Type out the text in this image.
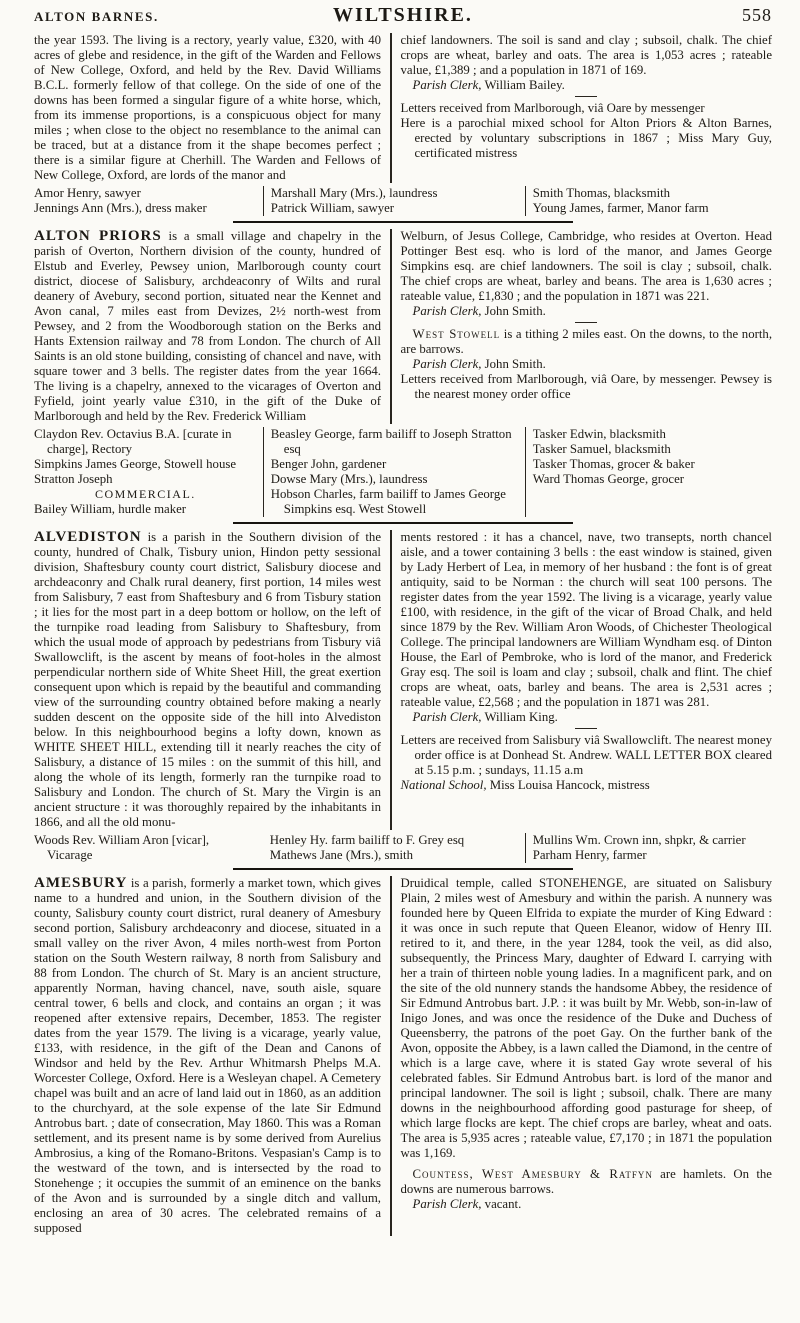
ALTON BARNES.	WILTSHIRE.	558

the year 1593. The living is a rectory, yearly value, £320, with 40 acres of glebe and residence, in the gift of the Warden and Fellows of New College, Oxford, and held by the Rev. David Williams B.C.L. formerly fellow of that college. On the side of one of the downs has been formed a singular figure of a white horse, which, from its immense proportions, is a conspicuous object for many miles ; when close to the object no resemblance to the animal can be traced, but at a distance from it the shape becomes perfect ; there is a similar figure at Cherhill. The Warden and Fellows of New College, Oxford, are lords of the manor and

chief landowners. The soil is sand and clay ; subsoil, chalk. The chief crops are wheat, barley and oats. The area is 1,053 acres ; rateable value, £1,389 ; and a population in 1871 of 169.

Parish Clerk, William Bailey.

Letters received from Marlborough, viâ Oare by messenger

Here is a parochial mixed school for Alton Priors & Alton Barnes, erected by voluntary subscriptions in 1867 ; Miss Mary Guy, certificated mistress

Amor Henry, sawyer
Jennings Ann (Mrs.), dress maker
Marshall Mary (Mrs.), laundress
Patrick William, sawyer
Smith Thomas, blacksmith
Young James, farmer, Manor farm

ALTON PRIORS is a small village and chapelry in the parish of Overton, Northern division of the county, hundred of Elstub and Everley, Pewsey union, Marlborough county court district, diocese of Salisbury, archdeaconry of Wilts and rural deanery of Avebury, second portion, situated near the Kennet and Avon canal, 7 miles east from Devizes, 2½ north-west from Pewsey, and 2 from the Woodborough station on the Berks and Hants Extension railway and 78 from London. The church of All Saints is an old stone building, consisting of chancel and nave, with square tower and 3 bells. The register dates from the year 1664. The living is a chapelry, annexed to the vicarages of Overton and Fyfield, joint yearly value £310, in the gift of the Duke of Marlborough and held by the Rev. Frederick William

Welburn, of Jesus College, Cambridge, who resides at Overton. Head Pottinger Best esq. who is lord of the manor, and James George Simpkins esq. are chief landowners. The soil is clay ; subsoil, chalk. The chief crops are wheat, barley and beans. The area is 1,630 acres ; rateable value, £1,830 ; and the population in 1871 was 221.

Parish Clerk, John Smith.

West Stowell is a tithing 2 miles east. On the downs, to the north, are barrows.

Parish Clerk, John Smith.

Letters received from Marlborough, viâ Oare, by messenger. Pewsey is the nearest money order office

Claydon Rev. Octavius B.A. [curate in charge], Rectory
Simpkins James George, Stowell house
Stratton Joseph
COMMERCIAL.
Bailey William, hurdle maker
Beasley George, farm bailiff to Joseph Stratton esq
Benger John, gardener
Dowse Mary (Mrs.), laundress
Hobson Charles, farm bailiff to James George Simpkins esq. West Stowell
Tasker Edwin, blacksmith
Tasker Samuel, blacksmith
Tasker Thomas, grocer & baker
Ward Thomas George, grocer

ALVEDISTON is a parish in the Southern division of the county, hundred of Chalk, Tisbury union, Hindon petty sessional division, Shaftesbury county court district, Salisbury diocese and archdeaconry and Chalk rural deanery, first portion, 14 miles west from Salisbury, 7 east from Shaftesbury and 6 from Tisbury station ; it lies for the most part in a deep bottom or hollow, on the left of the turnpike road leading from Salisbury to Shaftesbury, from which the usual mode of approach by pedestrians from Tisbury viâ Swallowclift, is the ascent by means of foot-holes in the almost perpendicular northern side of White Sheet Hill, the great exertion consequent upon which is repaid by the beautiful and commanding view of the surrounding country obtained before making a nearly sudden descent on the opposite side of the hill into Alvediston below. In this neighbourhood begins a lofty down, known as WHITE SHEET HILL, extending till it nearly reaches the city of Salisbury, a distance of 15 miles : on the summit of this hill, and along the whole of its length, formerly ran the turnpike road to Salisbury and London. The church of St. Mary the Virgin is an ancient structure : it was thoroughly repaired by the inhabitants in 1866, and all the old monu-

ments restored : it has a chancel, nave, two transepts, north chancel aisle, and a tower containing 3 bells : the east window is stained, given by Lady Herbert of Lea, in memory of her husband : the font is of great antiquity, said to be Norman : the church will seat 100 persons. The register dates from the year 1592. The living is a vicarage, yearly value £100, with residence, in the gift of the vicar of Broad Chalk, and held since 1879 by the Rev. William Aron Woods, of Chichester Theological College. The principal landowners are William Wyndham esq. of Dinton House, the Earl of Pembroke, who is lord of the manor, and Frederick Gray esq. The soil is loam and clay ; subsoil, chalk and flint. The chief crops are wheat, oats, barley and beans. The area is 2,531 acres ; rateable value, £2,568 ; and the population in 1871 was 281.

Parish Clerk, William King.

Letters are received from Salisbury viâ Swallowclift. The nearest money order office is at Donhead St. Andrew. WALL LETTER BOX cleared at 5.15 p.m. ; sundays, 11.15 a.m

National School, Miss Louisa Hancock, mistress

Woods Rev. William Aron [vicar], Vicarage
Henley Hy. farm bailiff to F. Grey esq
Mathews Jane (Mrs.), smith
Mullins Wm. Crown inn, shpkr, & carrier
Parham Henry, farmer

AMESBURY is a parish, formerly a market town, which gives name to a hundred and union, in the Southern division of the county, Salisbury county court district, rural deanery of Amesbury second portion, Salisbury archdeaconry and diocese, situated in a small valley on the river Avon, 4 miles north-west from Porton station on the South Western railway, 8 north from Salisbury and 88 from London. The church of St. Mary is an ancient structure, apparently Norman, having chancel, nave, south aisle, square central tower, 6 bells and clock, and contains an organ ; it was reopened after extensive repairs, December, 1853. The register dates from the year 1579. The living is a vicarage, yearly value, £133, with residence, in the gift of the Dean and Canons of Windsor and held by the Rev. Arthur Whitmarsh Phelps M.A. Worcester College, Oxford. Here is a Wesleyan chapel. A Cemetery chapel was built and an acre of land laid out in 1860, as an addition to the churchyard, at the sole expense of the late Sir Edmund Antrobus bart. ; date of consecration, May 1860. This was a Roman settlement, and its present name is by some derived from Aurelius Ambrosius, a king of the Romano-Britons. Vespasian's Camp is to the westward of the town, and is intersected by the road to Stonehenge ; it occupies the summit of an eminence on the banks of the Avon and is surrounded by a single ditch and vallum, enclosing an area of 30 acres. The celebrated remains of a supposed

Druidical temple, called STONEHENGE, are situated on Salisbury Plain, 2 miles west of Amesbury and within the parish. A nunnery was founded here by Queen Elfrida to expiate the murder of King Edward : it was once in such repute that Queen Eleanor, widow of Henry III. retired to it, and there, in the year 1284, took the veil, as did also, subsequently, the Princess Mary, daughter of Edward I. carrying with her a train of thirteen noble young ladies. In a magnificent park, and on the site of the old nunnery stands the handsome Abbey, the residence of Sir Edmund Antrobus bart. J.P. : it was built by Mr. Webb, son-in-law of Inigo Jones, and was once the residence of the Duke and Duchess of Queensberry, the patrons of the poet Gay. On the further bank of the Avon, opposite the Abbey, is a lawn called the Diamond, in the centre of which is a large cave, where it is stated Gay wrote several of his celebrated fables. Sir Edmund Antrobus bart. is lord of the manor and principal landowner. The soil is light ; subsoil, chalk. There are many downs in the neighbourhood affording good pasturage for sheep, of which large flocks are kept. The chief crops are barley, wheat and oats. The area is 5,935 acres ; rateable value, £7,170 ; in 1871 the population was 1,169.

Countess, West Amesbury & Ratfyn are hamlets. On the downs are numerous barrows.

Parish Clerk, vacant.
